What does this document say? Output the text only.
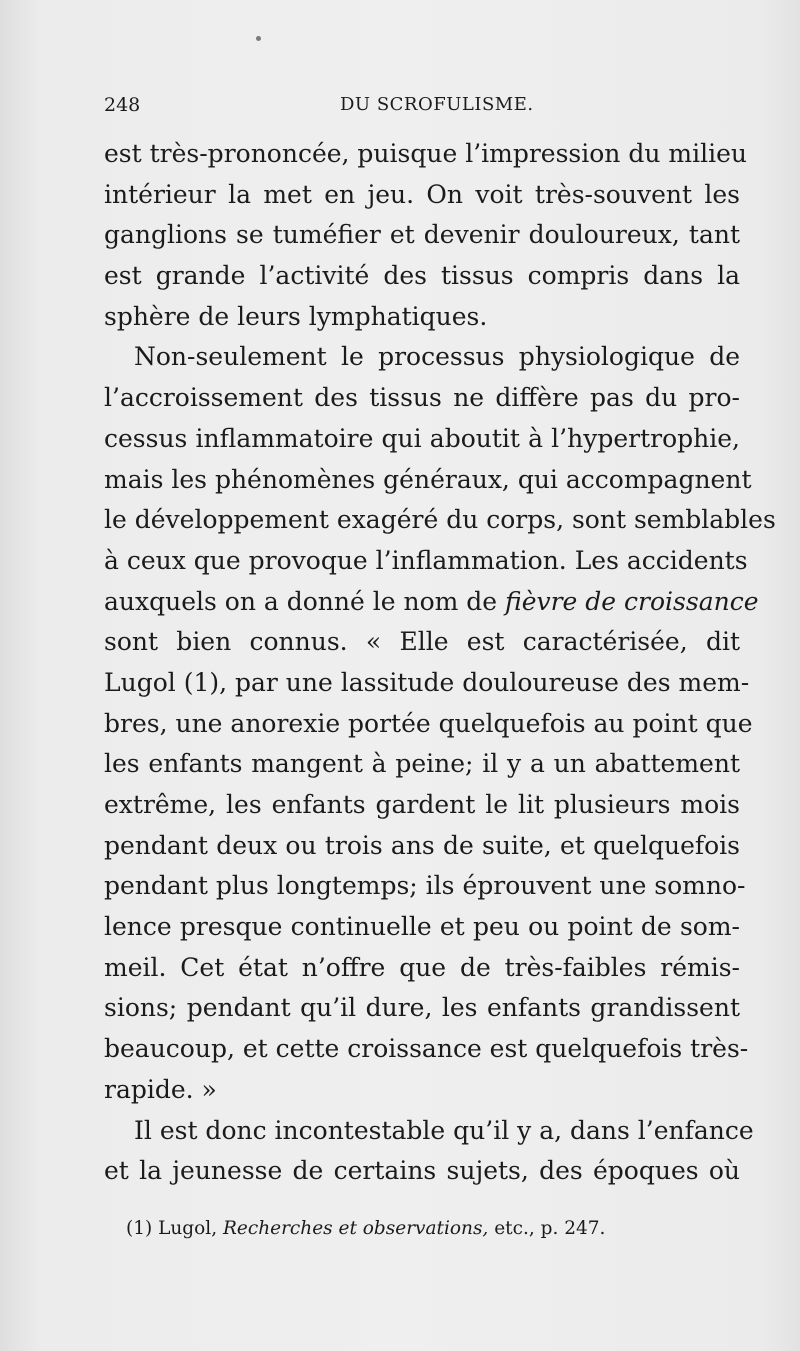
248	DU SCROFULISME.
est très-prononcée, puisque l’impression du milieu
intérieur la met en jeu. On voit très-souvent les
ganglions se tuméfier et devenir douloureux, tant
est grande l’activité des tissus compris dans la
sphère de leurs lymphatiques.
Non-seulement le processus physiologique de
l’accroissement des tissus ne diffère pas du pro-
cessus inflammatoire qui aboutit à l’hypertrophie,
mais les phénomènes généraux, qui accompagnent
le développement exagéré du corps, sont semblables
à ceux que provoque l’inflammation. Les accidents
auxquels on a donné le nom de fièvre de croissance
sont bien connus. « Elle est caractérisée, dit
Lugol (1), par une lassitude douloureuse des mem-
bres, une anorexie portée quelquefois au point que
les enfants mangent à peine; il y a un abattement
extrême, les enfants gardent le lit plusieurs mois
pendant deux ou trois ans de suite, et quelquefois
pendant plus longtemps; ils éprouvent une somno-
lence presque continuelle et peu ou point de som-
meil. Cet état n’offre que de très-faibles rémis-
sions; pendant qu’il dure, les enfants grandissent
beaucoup, et cette croissance est quelquefois très-
rapide. »
Il est donc incontestable qu’il y a, dans l’enfance
et la jeunesse de certains sujets, des époques où
(1) Lugol, Recherches et observations, etc., p. 247.
